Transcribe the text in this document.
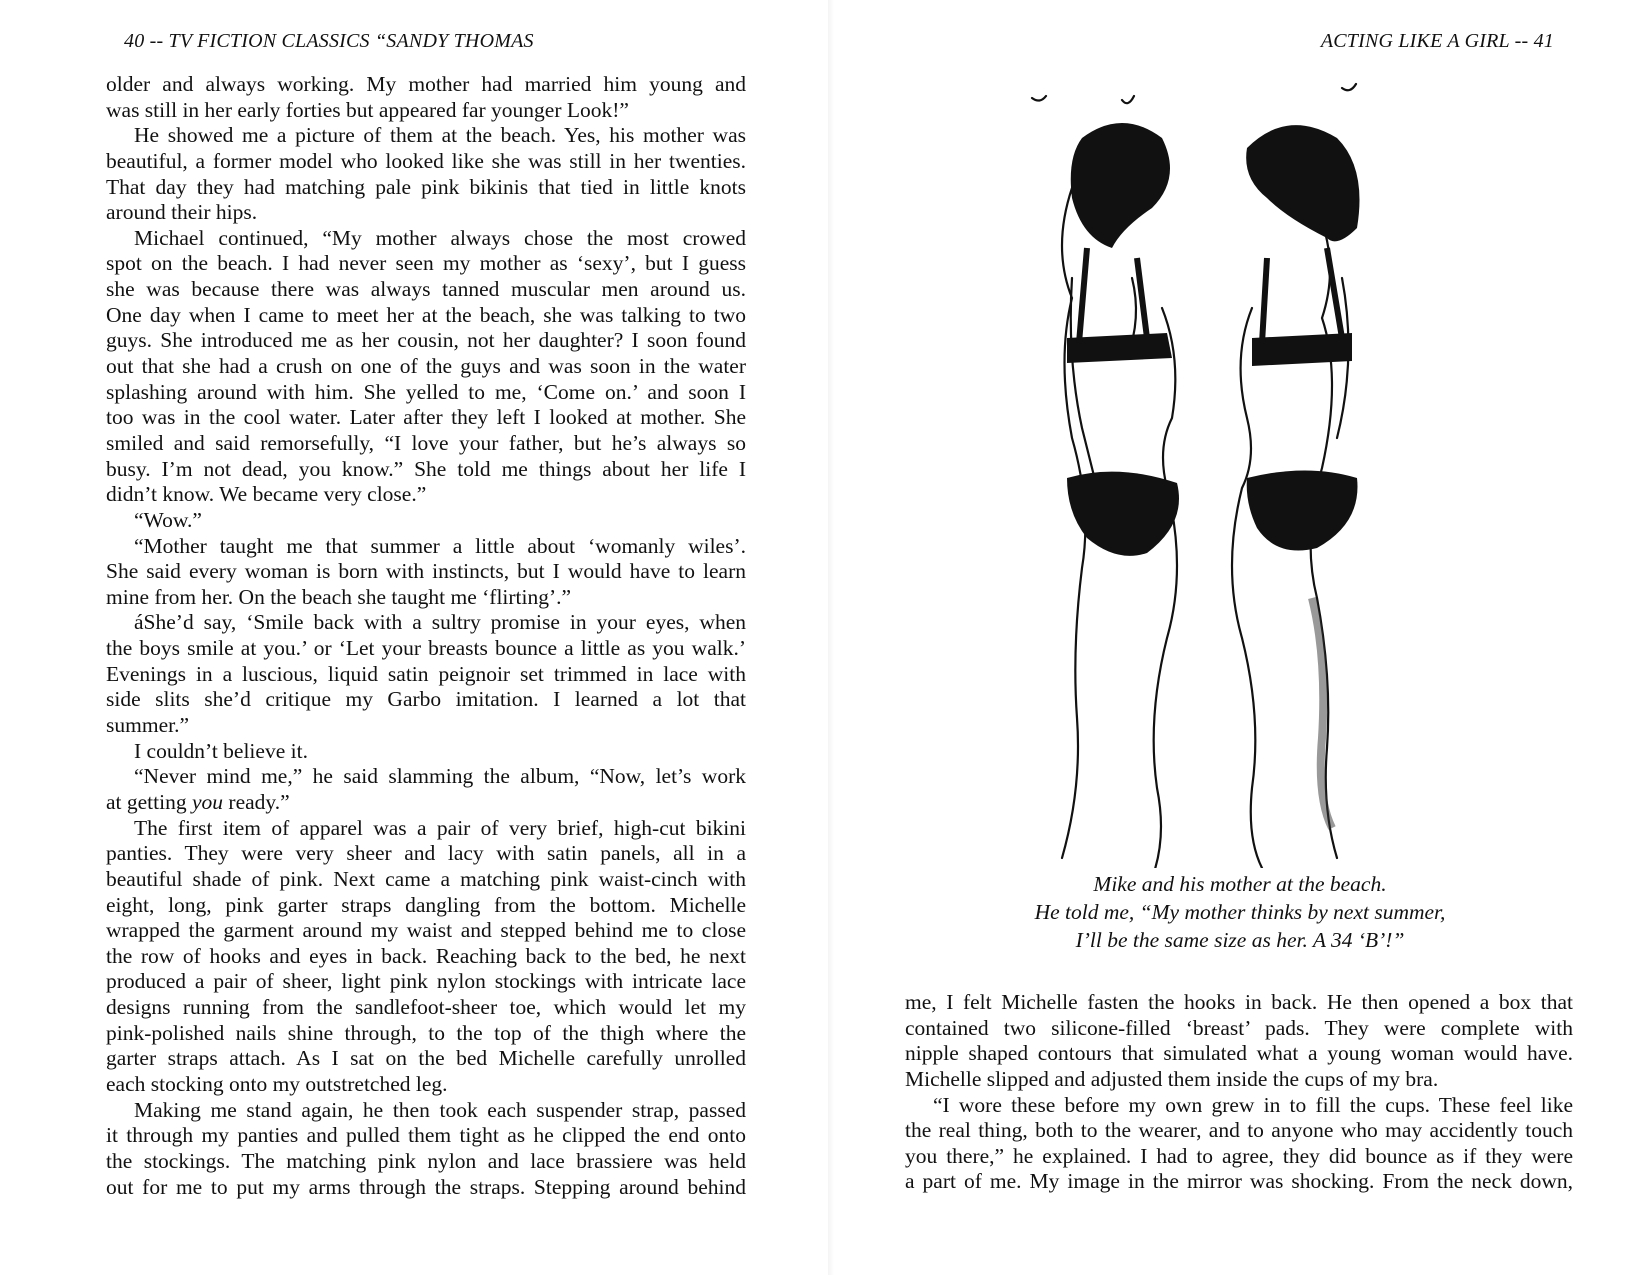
40 -- TV FICTION CLASSICS “SANDY THOMAS
older and always working. My mother had married him young and
was still in her early forties but appeared far younger Look!”
He showed me a picture of them at the beach. Yes, his mother was
beautiful, a former model who looked like she was still in her twenties.
That day they had matching pale pink bikinis that tied in little knots
around their hips.
Michael continued, “My mother always chose the most crowed
spot on the beach. I had never seen my mother as ‘sexy’, but I guess
she was because there was always tanned muscular men around us.
One day when I came to meet her at the beach, she was talking to two
guys. She introduced me as her cousin, not her daughter? I soon found
out that she had a crush on one of the guys and was soon in the water
splashing around with him. She yelled to me, ‘Come on.’ and soon I
too was in the cool water. Later after they left I looked at mother. She
smiled and said remorsefully, “I love your father, but he’s always so
busy. I’m not dead, you know.” She told me things about her life I
didn’t know. We became very close.”
“Wow.”
“Mother taught me that summer a little about ‘womanly wiles’.
She said every woman is born with instincts, but I would have to learn
mine from her. On the beach she taught me ‘flirting’.”
áShe’d say, ‘Smile back with a sultry promise in your eyes, when
the boys smile at you.’ or ‘Let your breasts bounce a little as you walk.’
Evenings in a luscious, liquid satin peignoir set trimmed in lace with
side slits she’d critique my Garbo imitation. I learned a lot that
summer.”
I couldn’t believe it.
“Never mind me,” he said slamming the album, “Now, let’s work
at getting you ready.”
The first item of apparel was a pair of very brief, high-cut bikini
panties. They were very sheer and lacy with satin panels, all in a
beautiful shade of pink. Next came a matching pink waist-cinch with
eight, long, pink garter straps dangling from the bottom. Michelle
wrapped the garment around my waist and stepped behind me to close
the row of hooks and eyes in back. Reaching back to the bed, he next
produced a pair of sheer, light pink nylon stockings with intricate lace
designs running from the sandlefoot-sheer toe, which would let my
pink-polished nails shine through, to the top of the thigh where the
garter straps attach. As I sat on the bed Michelle carefully unrolled
each stocking onto my outstretched leg.
Making me stand again, he then took each suspender strap, passed
it through my panties and pulled them tight as he clipped the end onto
the stockings. The matching pink nylon and lace brassiere was held
out for me to put my arms through the straps. Stepping around behind
ACTING LIKE A GIRL -- 41
Mike and his mother at the beach.
He told me, “My mother thinks by next summer,
I’ll be the same size as her. A 34 ‘B’!”
me, I felt Michelle fasten the hooks in back. He then opened a box that
contained two silicone-filled ‘breast’ pads. They were complete with
nipple shaped contours that simulated what a young woman would have.
Michelle slipped and adjusted them inside the cups of my bra.
“I wore these before my own grew in to fill the cups. These feel like
the real thing, both to the wearer, and to anyone who may accidently touch
you there,” he explained. I had to agree, they did bounce as if they were
a part of me. My image in the mirror was shocking. From the neck down,
